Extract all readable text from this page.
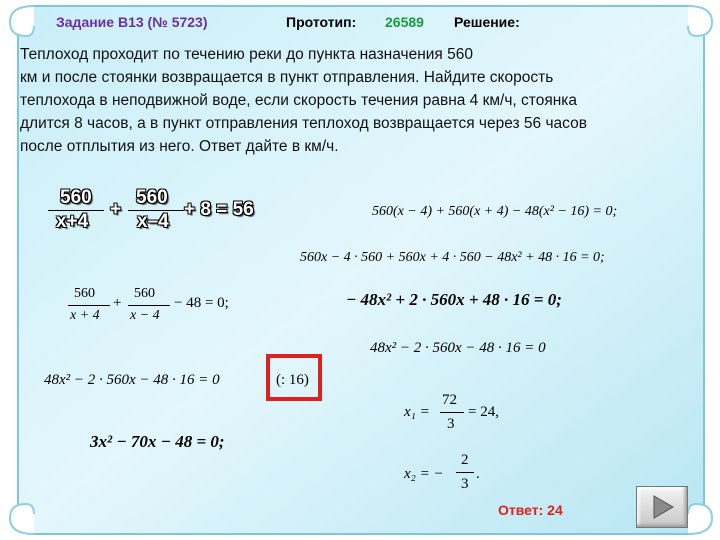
Задание B13 (№ 5723)	Прототип: 26589 Решение:
Теплоход проходит по течению реки до пункта назначения 560
км и после стоянки возвращается в пункт отправления. Найдите скорость
теплохода в неподвижной воде, если скорость течения равна 4 км/ч, стоянка
длится 8 часов, а в пункт отправления теплоход возвращается через 56 часов
после отплытия из него. Ответ дайте в км/ч.
560
x+4
+
560
x–4
+ 8 = 56
560
x + 4
+
560
x − 4
− 48 = 0;
48x² − 2 · 560x − 48 · 16 = 0	(: 16)
3x² − 70x − 48 = 0;
560(x − 4) + 560(x + 4) − 48(x² − 16) = 0;
560x − 4 · 560 + 560x + 4 · 560 − 48x² + 48 · 16 = 0;
− 48x² + 2 · 560x + 48 · 16 = 0;
48x² − 2 · 560x − 48 · 16 = 0
x₁ =
72
3
= 24,
x₂ = −
2
3
.
Ответ: 24
